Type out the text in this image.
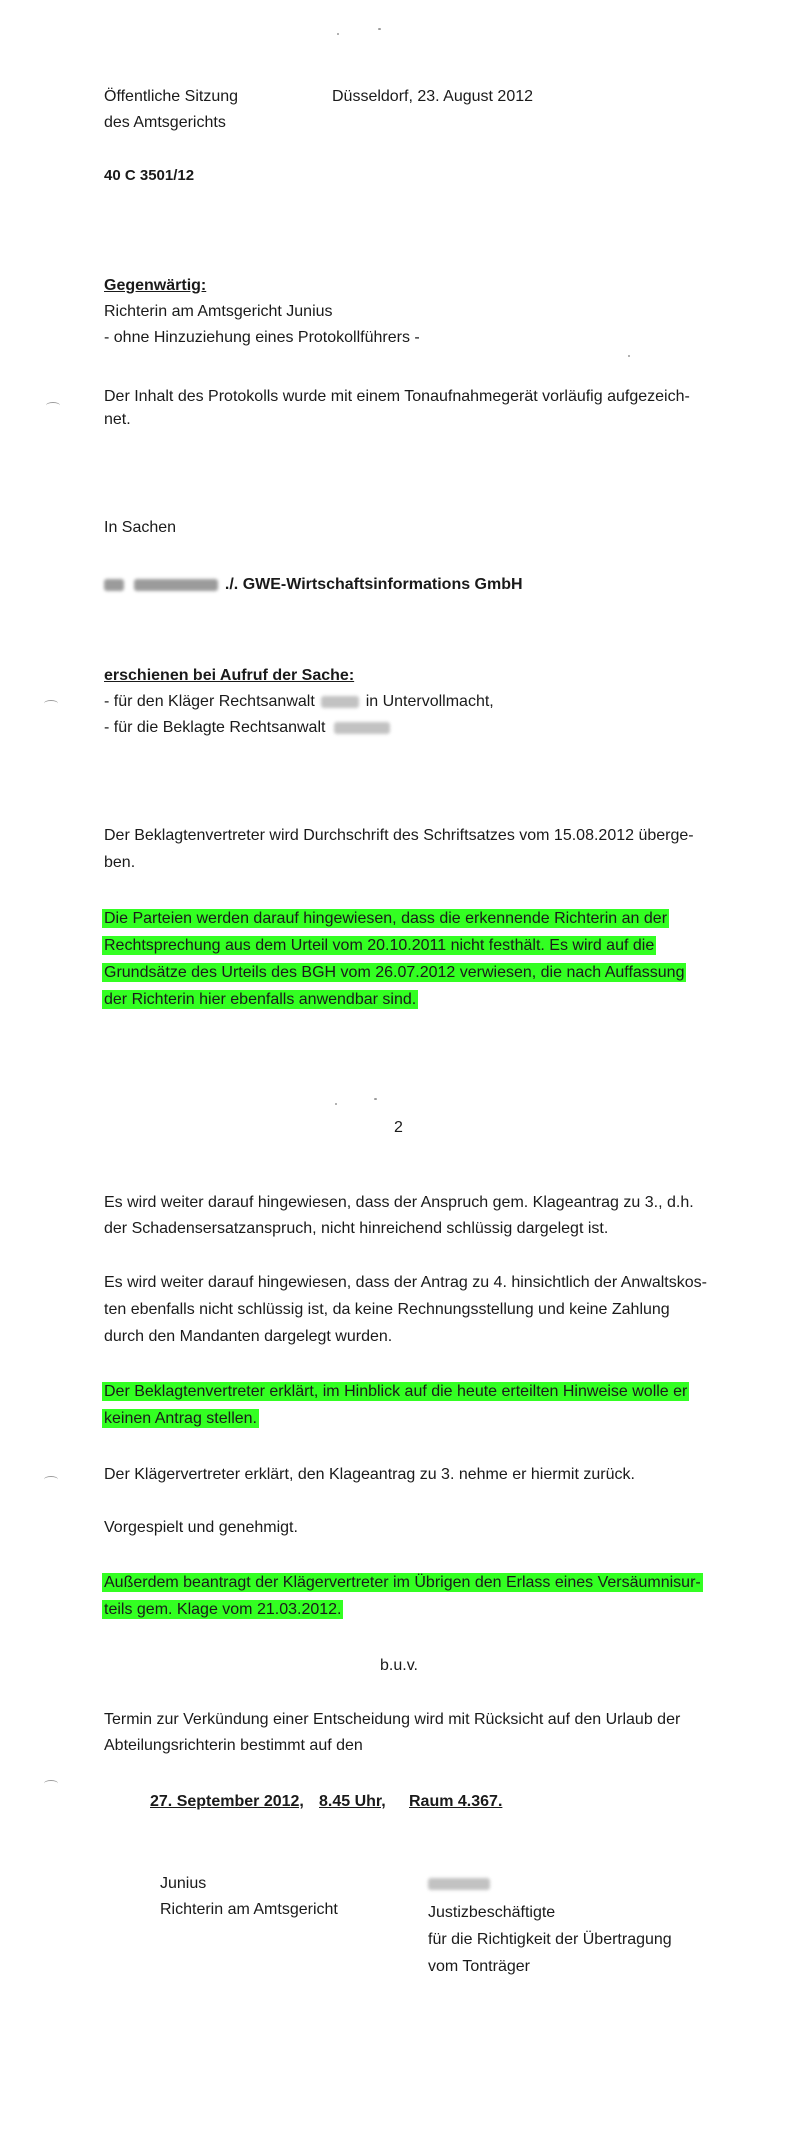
Öffentliche Sitzung
des Amtsgerichts
Düsseldorf, 23. August 2012
40 C 3501/12
Gegenwärtig:
Richterin am Amtsgericht Junius
- ohne Hinzuziehung eines Protokollführers -
Der Inhalt des Protokolls wurde mit einem Tonaufnahmegerät vorläufig aufgezeich-
net.
In Sachen
./. GWE-Wirtschaftsinformations GmbH
erschienen bei Aufruf der Sache:
- für den Kläger Rechtsanwalt	in Untervollmacht,
- für die Beklagte Rechtsanwalt
Der Beklagtenvertreter wird Durchschrift des Schriftsatzes vom 15.08.2012 überge-
ben.
Die Parteien werden darauf hingewiesen, dass die erkennende Richterin an der
Rechtsprechung aus dem Urteil vom 20.10.2011 nicht festhält. Es wird auf die
Grundsätze des Urteils des BGH vom 26.07.2012 verwiesen, die nach Auffassung
der Richterin hier ebenfalls anwendbar sind.
2
Es wird weiter darauf hingewiesen, dass der Anspruch gem. Klageantrag zu 3., d.h.
der Schadensersatzanspruch, nicht hinreichend schlüssig dargelegt ist.
Es wird weiter darauf hingewiesen, dass der Antrag zu 4. hinsichtlich der Anwaltskos-
ten ebenfalls nicht schlüssig ist, da keine Rechnungsstellung und keine Zahlung
durch den Mandanten dargelegt wurden.
Der Beklagtenvertreter erklärt, im Hinblick auf die heute erteilten Hinweise wolle er
keinen Antrag stellen.
Der Klägervertreter erklärt, den Klageantrag zu 3. nehme er hiermit zurück.
Vorgespielt und genehmigt.
Außerdem beantragt der Klägervertreter im Übrigen den Erlass eines Versäumnisur-
teils gem. Klage vom 21.03.2012.
b.u.v.
Termin zur Verkündung einer Entscheidung wird mit Rücksicht auf den Urlaub der
Abteilungsrichterin bestimmt auf den
27. September 2012, 8.45 Uhr, Raum 4.367.
Junius
Richterin am Amtsgericht	Justizbeschäftigte
für die Richtigkeit der Übertragung
vom Tonträger
